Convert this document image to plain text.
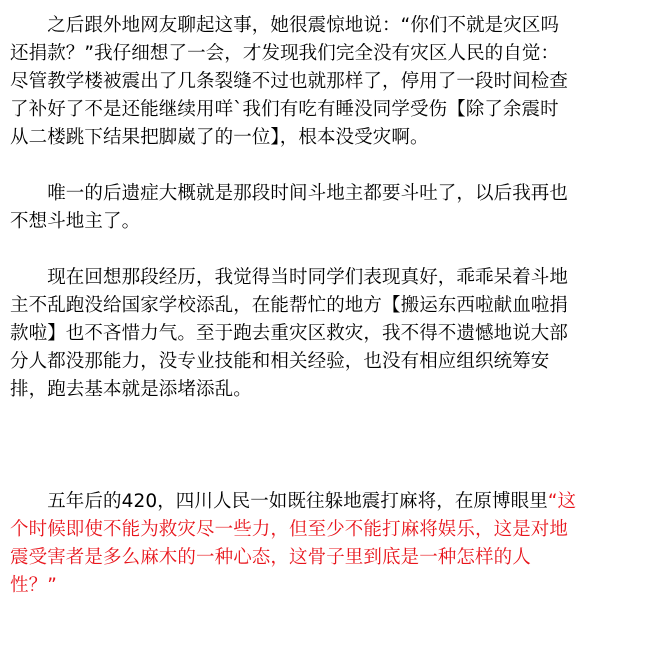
　　之后跟外地网友聊起这事，她很震惊地说：“你们不就是灾区吗
还捐款？”我仔细想了一会，才发现我们完全没有灾区人民的自觉：
尽管教学楼被震出了几条裂缝不过也就那样了，停用了一段时间检查
了补好了不是还能继续用咩`我们有吃有睡没同学受伤【除了余震时
从二楼跳下结果把脚崴了的一位】，根本没受灾啊。

　　唯一的后遗症大概就是那段时间斗地主都要斗吐了，以后我再也
不想斗地主了。

　　现在回想那段经历，我觉得当时同学们表现真好，乖乖呆着斗地
主不乱跑没给国家学校添乱，在能帮忙的地方【搬运东西啦献血啦捐
款啦】也不吝惜力气。至于跑去重灾区救灾，我不得不遗憾地说大部
分人都没那能力，没专业技能和相关经验，也没有相应组织统筹安
排，跑去基本就是添堵添乱。

　　五年后的420，四川人民一如既往躲地震打麻将，在原博眼里“这
个时候即使不能为救灾尽一些力，但至少不能打麻将娱乐，这是对地
震受害者是多么麻木的一种心态，这骨子里到底是一种怎样的人
性？”
